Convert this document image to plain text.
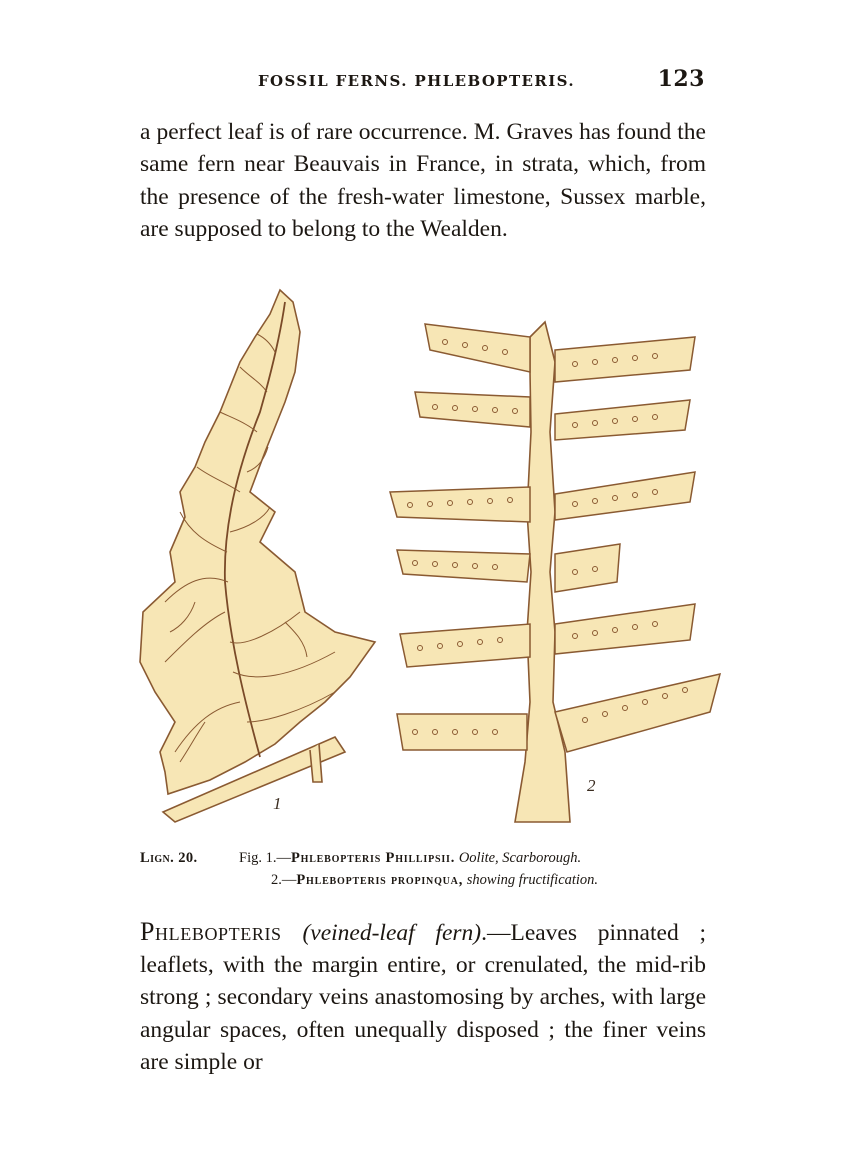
FOSSIL FERNS. PHLEBOPTERIS.	123

a perfect leaf is of rare occurrence. M. Graves has found the same fern near Beauvais in France, in strata, which, from the presence of the fresh-water limestone, Sussex marble, are supposed to belong to the Wealden.

1
2
Lign. 20.	Fig. 1.—Phlebopteris Phillipsii. Oolite, Scarborough.
2.—Phlebopteris propinqua, showing fructification.

Phlebopteris (veined-leaf fern).—Leaves pinnated ; leaflets, with the margin entire, or crenulated, the mid-rib strong ; secondary veins anastomosing by arches, with large angular spaces, often unequally disposed ; the finer veins are simple or
